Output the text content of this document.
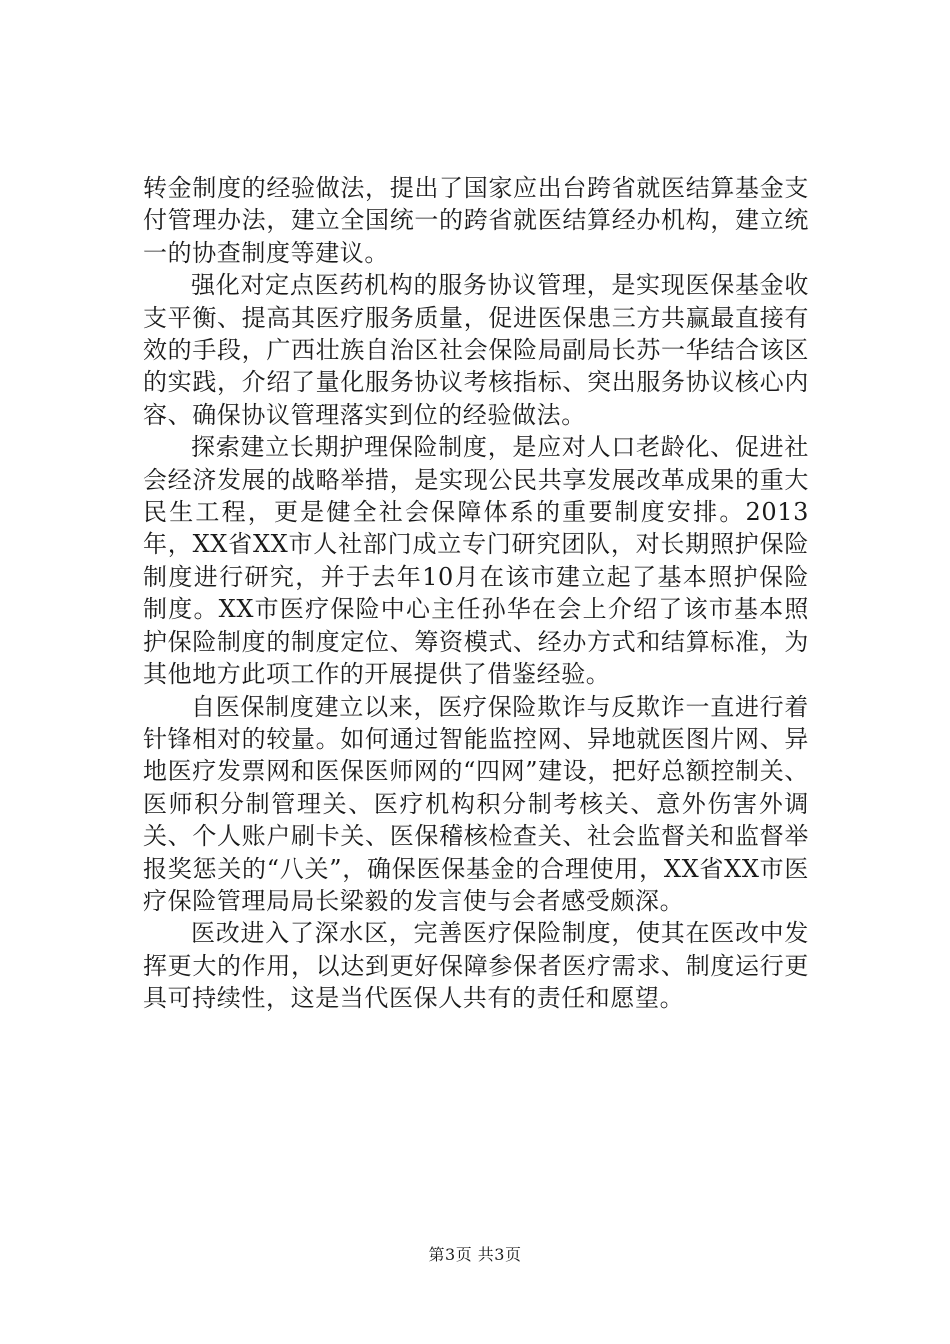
转金制度的经验做法，提出了国家应出台跨省就医结算基金支付管理办法，建立全国统一的跨省就医结算经办机构，建立统一的协查制度等建议。

强化对定点医药机构的服务协议管理，是实现医保基金收支平衡、提高其医疗服务质量，促进医保患三方共赢最直接有效的手段，广西壮族自治区社会保险局副局长苏一华结合该区的实践，介绍了量化服务协议考核指标、突出服务协议核心内容、确保协议管理落实到位的经验做法。

探索建立长期护理保险制度，是应对人口老龄化、促进社会经济发展的战略举措，是实现公民共享发展改革成果的重大民生工程，更是健全社会保障体系的重要制度安排。2013年，XX省XX市人社部门成立专门研究团队，对长期照护保险制度进行研究，并于去年10月在该市建立起了基本照护保险制度。XX市医疗保险中心主任孙华在会上介绍了该市基本照护保险制度的制度定位、筹资模式、经办方式和结算标准，为其他地方此项工作的开展提供了借鉴经验。

自医保制度建立以来，医疗保险欺诈与反欺诈一直进行着针锋相对的较量。如何通过智能监控网、异地就医图片网、异地医疗发票网和医保医师网的“四网”建设，把好总额控制关、医师积分制管理关、医疗机构积分制考核关、意外伤害外调关、个人账户刷卡关、医保稽核检查关、社会监督关和监督举报奖惩关的“八关”，确保医保基金的合理使用，XX省XX市医疗保险管理局局长梁毅的发言使与会者感受颇深。

医改进入了深水区，完善医疗保险制度，使其在医改中发挥更大的作用，以达到更好保障参保者医疗需求、制度运行更具可持续性，这是当代医保人共有的责任和愿望。

第3页 共3页
